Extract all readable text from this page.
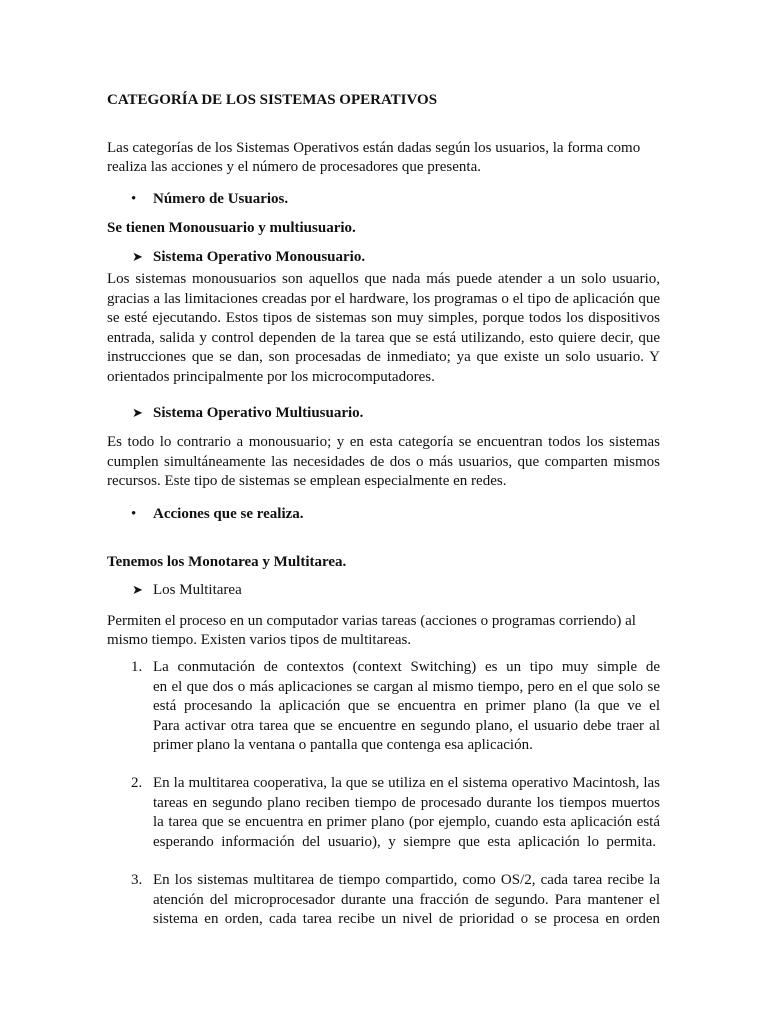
CATEGORÍA DE LOS SISTEMAS OPERATIVOS
Las categorías de los Sistemas Operativos están dadas según los usuarios, la forma como
realiza las acciones y el número de procesadores que presenta.
• Número de Usuarios.
Se tienen Monousuario y multiusuario.
➤ Sistema Operativo Monousuario.
Los sistemas monousuarios son aquellos que nada más puede atender a un solo usuario,
gracias a las limitaciones creadas por el hardware, los programas o el tipo de aplicación que
se esté ejecutando. Estos tipos de sistemas son muy simples, porque todos los dispositivos
entrada, salida y control dependen de la tarea que se está utilizando, esto quiere decir, que
instrucciones que se dan, son procesadas de inmediato; ya que existe un solo usuario. Y
orientados principalmente por los microcomputadores.
➤ Sistema Operativo Multiusuario.
Es todo lo contrario a monousuario; y en esta categoría se encuentran todos los sistemas
cumplen simultáneamente las necesidades de dos o más usuarios, que comparten mismos
recursos. Este tipo de sistemas se emplean especialmente en redes.
• Acciones que se realiza.
Tenemos los Monotarea y Multitarea.
➤ Los Multitarea
Permiten el proceso en un computador varias tareas (acciones o programas corriendo) al
mismo tiempo. Existen varios tipos de multitareas.
1. La conmutación de contextos (context Switching) es un tipo muy simple de
en el que dos o más aplicaciones se cargan al mismo tiempo, pero en el que solo se
está procesando la aplicación que se encuentra en primer plano (la que ve el
Para activar otra tarea que se encuentre en segundo plano, el usuario debe traer al
primer plano la ventana o pantalla que contenga esa aplicación.
2. En la multitarea cooperativa, la que se utiliza en el sistema operativo Macintosh, las
tareas en segundo plano reciben tiempo de procesado durante los tiempos muertos
la tarea que se encuentra en primer plano (por ejemplo, cuando esta aplicación está
esperando información del usuario), y siempre que esta aplicación lo permita.
3. En los sistemas multitarea de tiempo compartido, como OS/2, cada tarea recibe la
atención del microprocesador durante una fracción de segundo. Para mantener el
sistema en orden, cada tarea recibe un nivel de prioridad o se procesa en orden
